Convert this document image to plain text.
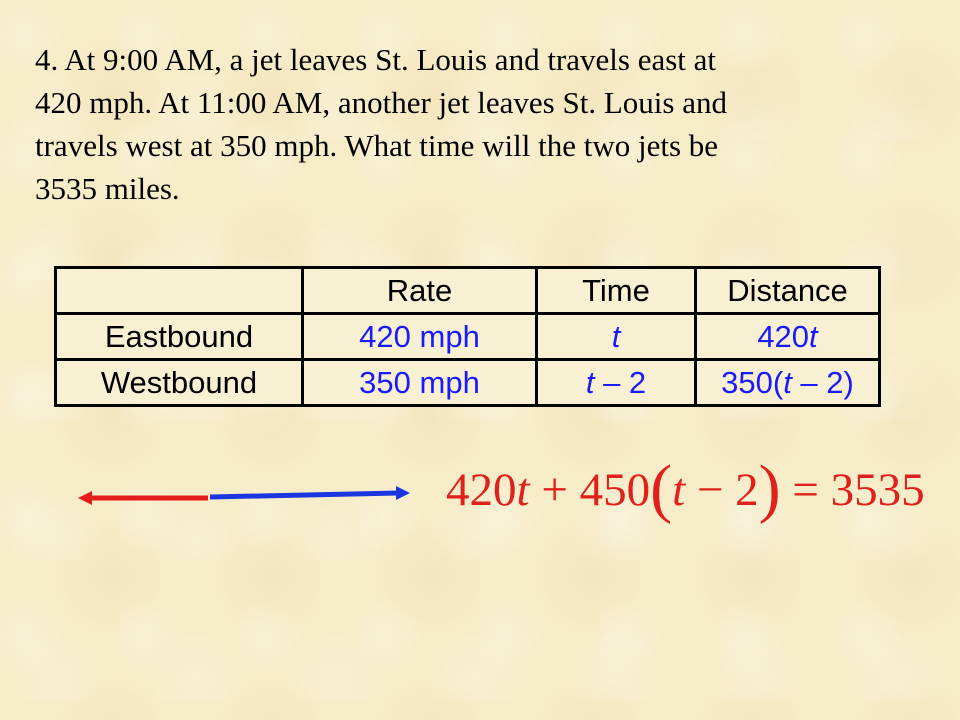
4. At 9:00 AM, a jet leaves St. Louis and travels east at

420 mph. At 11:00 AM, another jet leaves St. Louis and

travels west at 350 mph. What time will the two jets be

3535 miles.

	Rate	Time	Distance
Eastbound	420 mph	t	420t
Westbound	350 mph	t – 2	350(t – 2)
420t + 450(t − 2) = 3535
